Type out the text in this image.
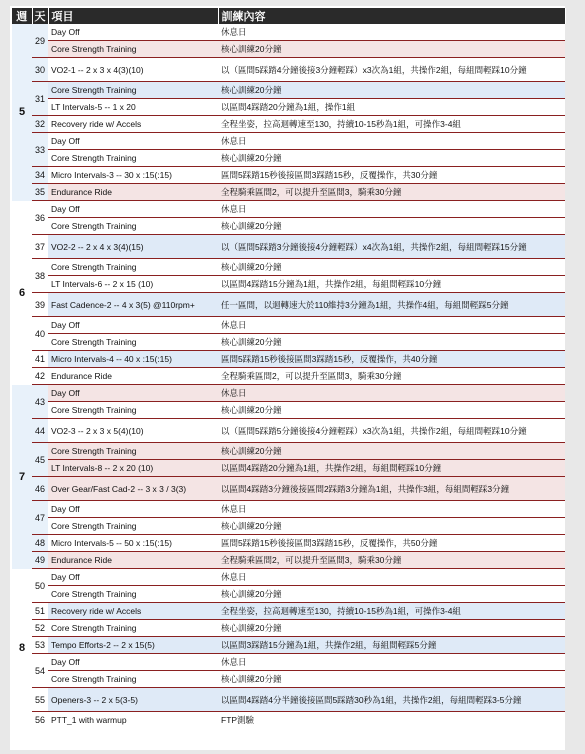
週	天	項目	訓練內容
5	29	Day Off	休息日
		Core Strength Training	核心訓練20分鐘
	30	VO2-1 -- 2 x 3 x 4(3)(10)	以（區間5踩踏4分鐘後接3分鐘輕踩）x3次為1組，共操作2組，每組間輕踩10分鐘
	31	Core Strength Training	核心訓練20分鐘
		LT Intervals-5 -- 1 x 20	以區間4踩踏20分鐘為1組，操作1組
	32	Recovery ride w/ Accels	全程坐姿，拉高迴轉速至130，持續10-15秒為1組，可操作3-4組
	33	Day Off	休息日
		Core Strength Training	核心訓練20分鐘
	34	Micro Intervals-3 -- 30 x :15(:15)	區間5踩踏15秒後接區間3踩踏15秒，反覆操作，共30分鐘
	35	Endurance Ride	全程騎乘區間2，可以提升至區間3，騎乘30分鐘
6	36	Day Off	休息日
		Core Strength Training	核心訓練20分鐘
	37	VO2-2 -- 2 x 4 x 3(4)(15)	以（區間5踩踏3分鐘後接4分鐘輕踩）x4次為1組，共操作2組，每組間輕踩15分鐘
	38	Core Strength Training	核心訓練20分鐘
		LT Intervals-6 -- 2 x 15 (10)	以區間4踩踏15分鐘為1組，共操作2組，每組間輕踩10分鐘
	39	Fast Cadence-2 -- 4 x 3(5) @110rpm+	任一區間，以迴轉速大於110維持3分鐘為1組，共操作4組，每組間輕踩5分鐘
	40	Day Off	休息日
		Core Strength Training	核心訓練20分鐘
	41	Micro Intervals-4 -- 40 x :15(:15)	區間5踩踏15秒後接區間3踩踏15秒，反覆操作，共40分鐘
	42	Endurance Ride	全程騎乘區間2，可以提升至區間3，騎乘30分鐘
7	43	Day Off	休息日
		Core Strength Training	核心訓練20分鐘
	44	VO2-3 -- 2 x 3 x 5(4)(10)	以（區間5踩踏5分鐘後接4分鐘輕踩）x3次為1組，共操作2組，每組間輕踩10分鐘
	45	Core Strength Training	核心訓練20分鐘
		LT Intervals-8 -- 2 x 20 (10)	以區間4踩踏20分鐘為1組，共操作2組，每組間輕踩10分鐘
	46	Over Gear/Fast Cad-2 -- 3 x 3 / 3(3)	以區間4踩踏3分鐘後接區間2踩踏3分鐘為1組，共操作3組，每組間輕踩3分鐘
	47	Day Off	休息日
		Core Strength Training	核心訓練20分鐘
	48	Micro Intervals-5 -- 50 x :15(:15)	區間5踩踏15秒後接區間3踩踏15秒，反覆操作，共50分鐘
	49	Endurance Ride	全程騎乘區間2，可以提升至區間3，騎乘30分鐘
8	50	Day Off	休息日
		Core Strength Training	核心訓練20分鐘
	51	Recovery ride w/ Accels	全程坐姿，拉高迴轉速至130，持續10-15秒為1組，可操作3-4組
	52	Core Strength Training	核心訓練20分鐘
	53	Tempo Efforts-2 -- 2 x 15(5)	以區間3踩踏15分鐘為1組，共操作2組，每組間輕踩5分鐘
	54	Day Off	休息日
		Core Strength Training	核心訓練20分鐘
	55	Openers-3 -- 2 x 5(3-5)	以區間4踩踏4分半鐘後接區間5踩踏30秒為1組，共操作2組，每組間輕踩3-5分鐘
	56	PTT_1 with warmup	FTP測驗
